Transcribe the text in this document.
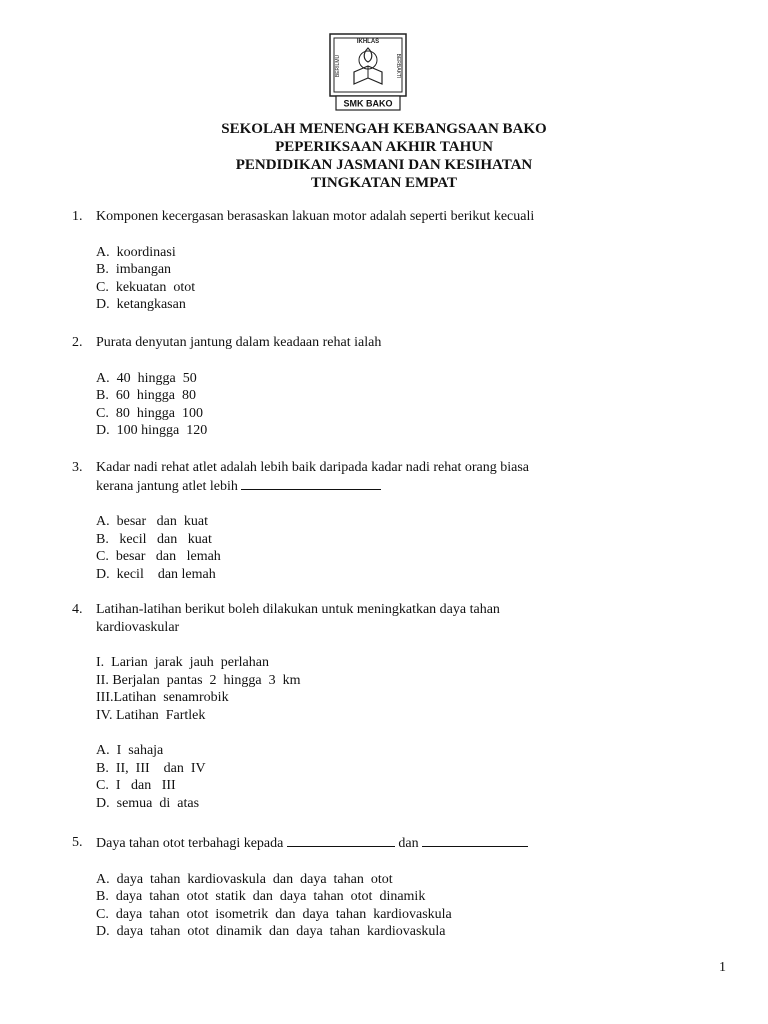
IKHLAS
BERILMU	BERBAKTI
SMK BAKO
SEKOLAH MENENGAH KEBANGSAAN BAKO
PEPERIKSAAN AKHIR TAHUN
PENDIDIKAN JASMANI DAN KESIHATAN
TINGKATAN EMPAT
1. Komponen kecergasan berasaskan lakuan motor adalah seperti berikut kecuali
A. koordinasi
B. imbangan
C. kekuatan  otot
D. ketangkasan
2. Purata denyutan jantung dalam keadaan rehat ialah
A. 40  hingga  50
B. 60  hingga  80
C. 80  hingga  100
D. 100 hingga  120
3. Kadar nadi rehat atlet adalah lebih baik daripada kadar nadi rehat orang biasa
kerana jantung atlet lebih
A. besar   dan  kuat
B.   kecil   dan   kuat
C. besar   dan   lemah
D. kecil    dan lemah
4. Latihan-latihan berikut boleh dilakukan untuk meningkatkan daya tahan
kardiovaskular
I.  Larian  jarak  jauh  perlahan
II. Berjalan  pantas  2  hingga  3  km
III.Latihan  senamrobik
IV. Latihan  Fartlek
A. I  sahaja
B. II,  III    dan  IV
C. I   dan   III
D. semua  di  atas
5. Daya tahan otot terbahagi kepada	dan
A. daya  tahan  kardiovaskula  dan  daya  tahan  otot
B. daya  tahan  otot  statik  dan  daya  tahan  otot  dinamik
C. daya  tahan  otot  isometrik  dan  daya  tahan  kardiovaskula
D. daya  tahan  otot  dinamik  dan  daya  tahan  kardiovaskula
1
